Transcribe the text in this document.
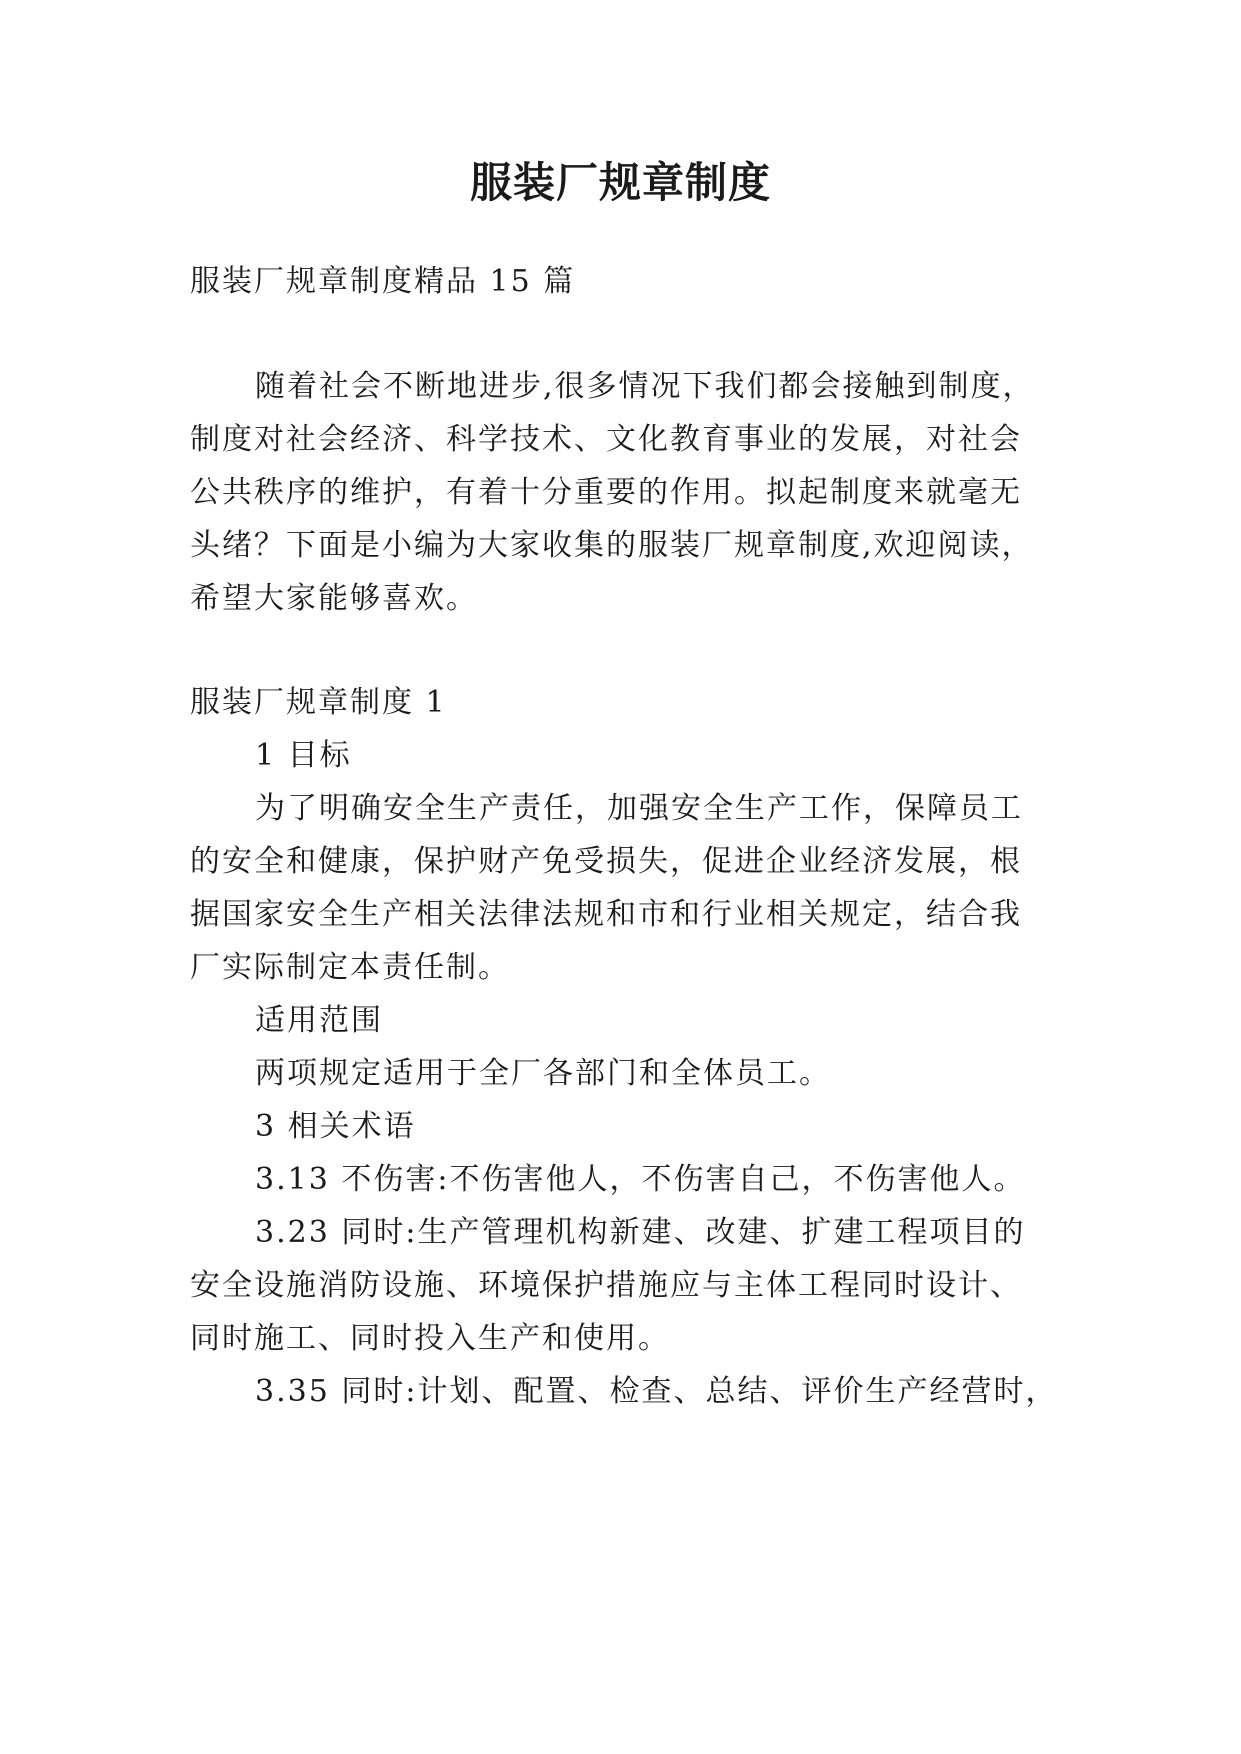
服装厂规章制度

服装厂规章制度精品 15 篇

随着社会不断地进步,很多情况下我们都会接触到制度，

制度对社会经济、科学技术、文化教育事业的发展，对社会

公共秩序的维护，有着十分重要的作用。拟起制度来就毫无

头绪？下面是小编为大家收集的服装厂规章制度,欢迎阅读，

希望大家能够喜欢。

服装厂规章制度 1

1 目标

为了明确安全生产责任，加强安全生产工作，保障员工

的安全和健康，保护财产免受损失，促进企业经济发展，根

据国家安全生产相关法律法规和市和行业相关规定，结合我

厂实际制定本责任制。

适用范围

两项规定适用于全厂各部门和全体员工。

3 相关术语

3.13 不伤害:不伤害他人，不伤害自己，不伤害他人。

3.23 同时:生产管理机构新建、改建、扩建工程项目的

安全设施消防设施、环境保护措施应与主体工程同时设计、

同时施工、同时投入生产和使用。

3.35 同时:计划、配置、检查、总结、评价生产经营时，
